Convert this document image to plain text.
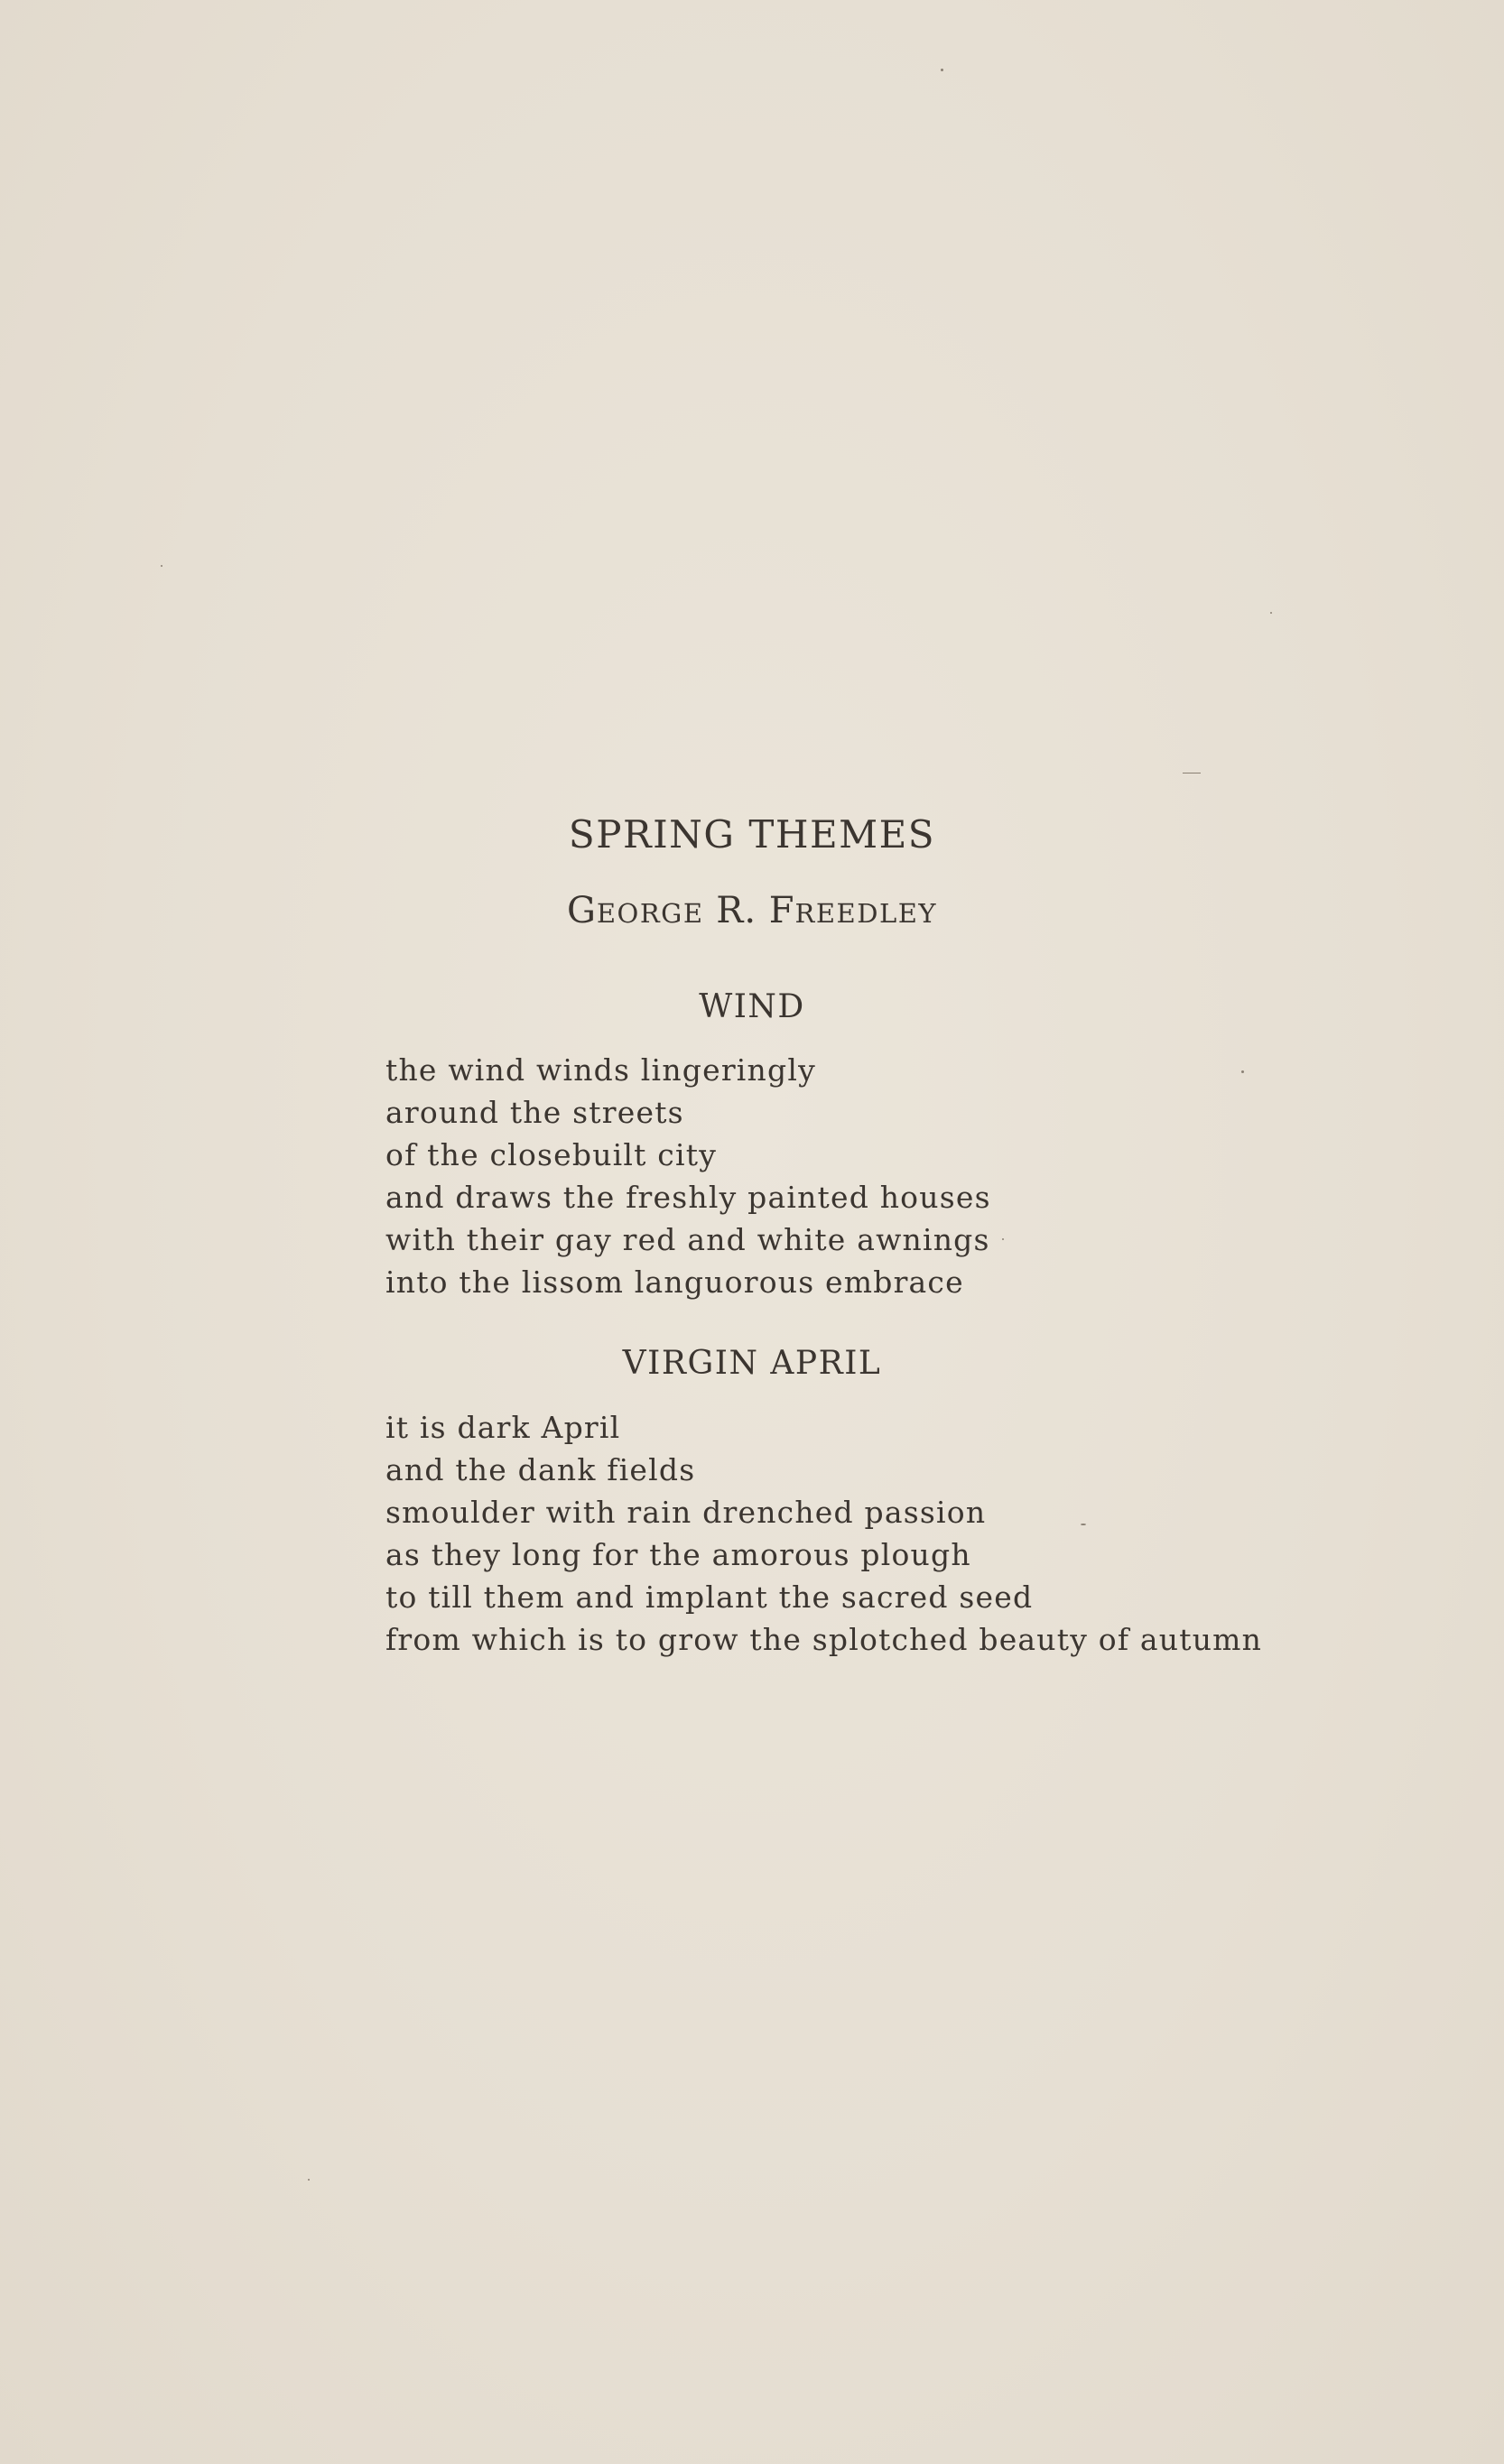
SPRING THEMES
GEORGE R. FREEDLEY
WIND
the wind winds lingeringly
around the streets
of the closebuilt city
and draws the freshly painted houses
with their gay red and white awnings
into the lissom languorous embrace
VIRGIN APRIL
it is dark April
and the dank fields
smoulder with rain drenched passion
as they long for the amorous plough
to till them and implant the sacred seed
from which is to grow the splotched beauty of autumn
